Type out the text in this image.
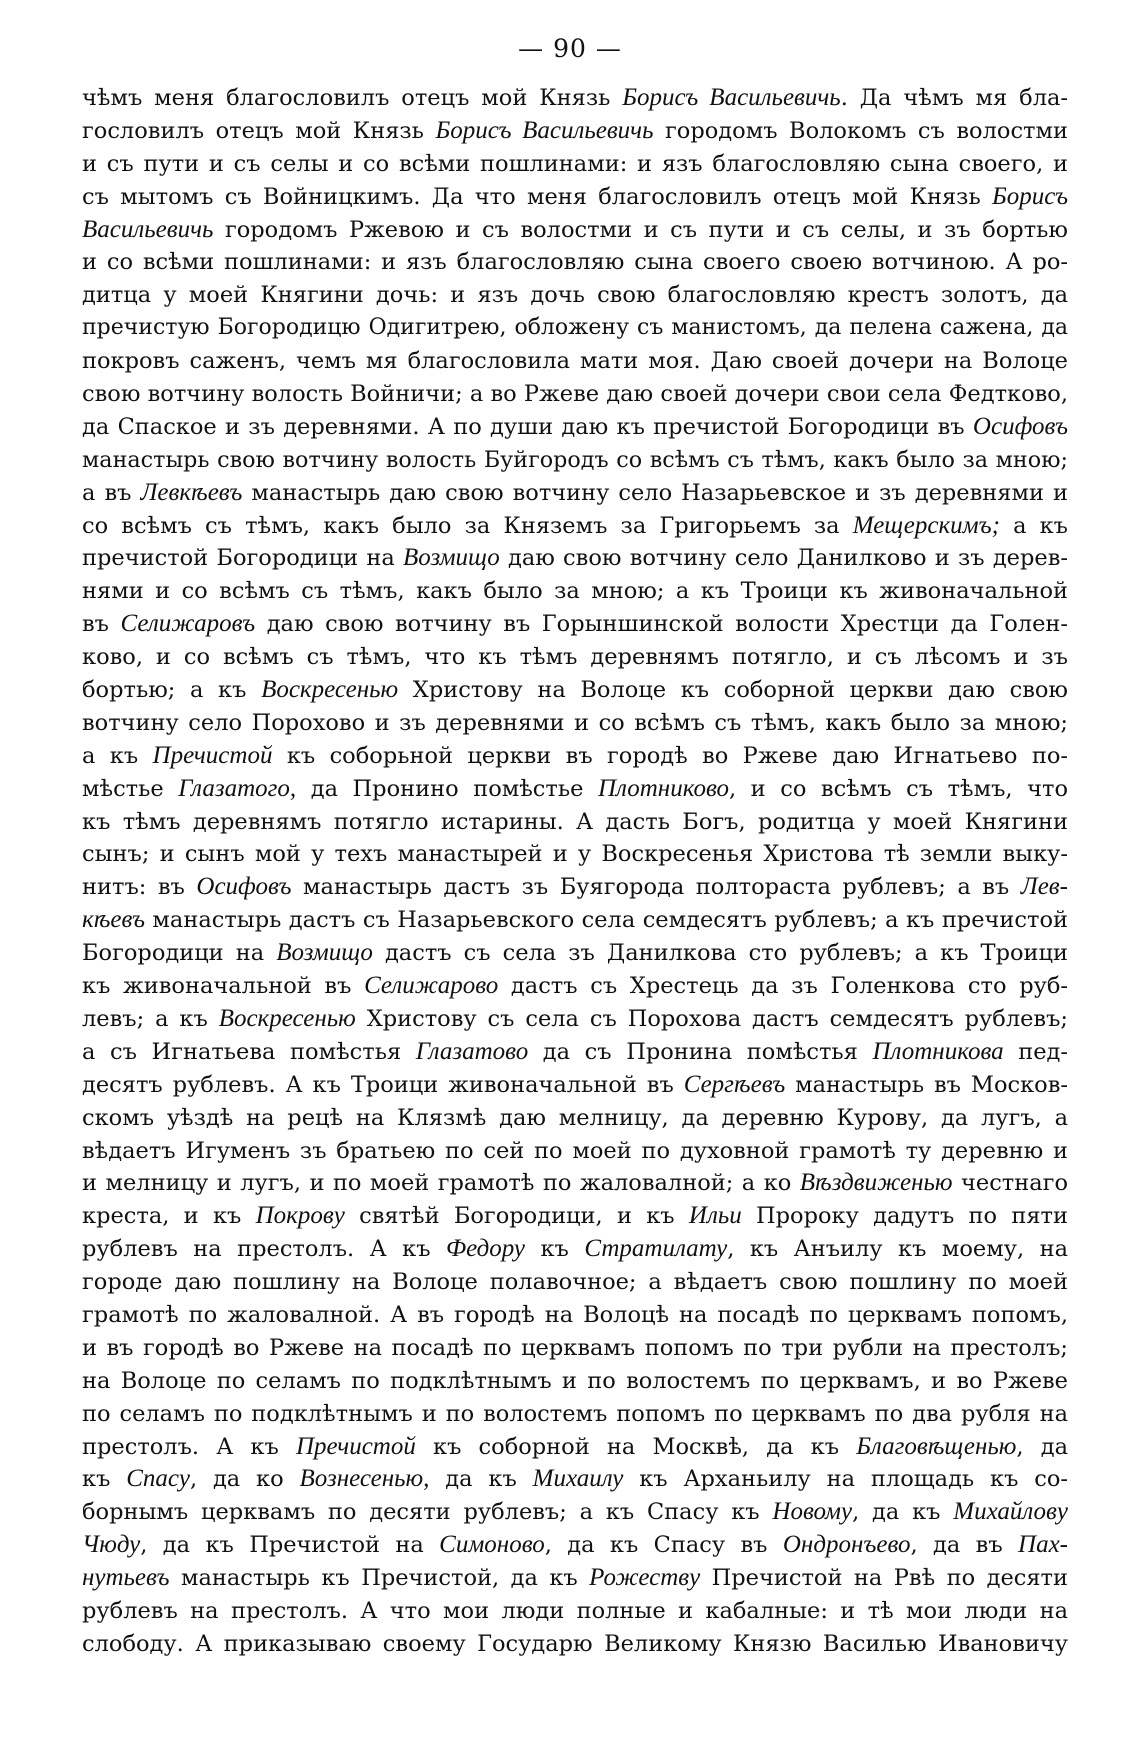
— 90 —
чѣмъ меня благословилъ отецъ мой Князь Борисъ Васильевичь. Да чѣмъ мя бла-
гословилъ отецъ мой Князь Борисъ Васильевичь городомъ Волокомъ съ волостми
и съ пути и съ селы и со всѣми пошлинами: и язъ благословляю сына своего, и
съ мытомъ съ Войницкимъ. Да что меня благословилъ отецъ мой Князь Борисъ
Васильевичь городомъ Ржевою и съ волостми и съ пути и съ селы, и зъ бортью
и со всѣми пошлинами: и язъ благословляю сына своего своею вотчиною. А ро-
дитца у моей Княгини дочь: и язъ дочь свою благословляю крестъ золотъ, да
пречистую Богородицю Одигитрею, обложену съ манистомъ, да пелена сажена, да
покровъ саженъ, чемъ мя благословила мати моя. Даю своей дочери на Волоце
свою вотчину волость Войничи; а во Ржеве даю своей дочери свои села Федтково,
да Спаское и зъ деревнями. А по души даю къ пречистой Богородици въ Осифовъ
манастырь свою вотчину волость Буйгородъ со всѣмъ съ тѣмъ, какъ было за мною;
а въ Левкѣевъ манастырь даю свою вотчину село Назарьевское и зъ деревнями и
со всѣмъ съ тѣмъ, какъ было за Княземъ за Григорьемъ за Мещерскимъ; а къ
пречистой Богородици на Возмищо даю свою вотчину село Данилково и зъ дерев-
нями и со всѣмъ съ тѣмъ, какъ было за мною; а къ Троици къ живоначальной
въ Селижаровъ даю свою вотчину въ Горыншинской волости Хрестци да Голен-
ково, и со всѣмъ съ тѣмъ, что къ тѣмъ деревнямъ потягло, и съ лѣсомъ и зъ
бортью; а къ Воскресенью Христову на Волоце къ соборной церкви даю свою
вотчину село Порохово и зъ деревнями и со всѣмъ съ тѣмъ, какъ было за мною;
а къ Пречистой къ соборьной церкви въ городѣ во Ржеве даю Игнатьево по-
мѣстье Глазатого, да Пронино помѣстье Плотниково, и со всѣмъ съ тѣмъ, что
къ тѣмъ деревнямъ потягло истарины. А дасть Богъ, родитца у моей Княгини
сынъ; и сынъ мой у техъ манастырей и у Воскресенья Христова тѣ земли выку-
нитъ: въ Осифовъ манастырь дастъ зъ Буягорода полтораста рублевъ; а въ Лев-
кѣевъ манастырь дастъ съ Назарьевского села семдесятъ рублевъ; а къ пречистой
Богородици на Возмищо дастъ съ села зъ Данилкова сто рублевъ; а къ Троици
къ живоначальной въ Селижарово дастъ съ Хрестець да зъ Голенкова сто руб-
левъ; а къ Воскресенью Христову съ села съ Порохова дастъ семдесятъ рублевъ;
а съ Игнатьева помѣстья Глазатово да съ Пронина помѣстья Плотникова пед-
десятъ рублевъ. А къ Троици живоначальной въ Сергѣевъ манастырь въ Москов-
скомъ уѣздѣ на рецѣ на Клязмѣ даю мелницу, да деревню Курову, да лугъ, а
вѣдаетъ Игуменъ зъ братьею по сей по моей по духовной грамотѣ ту деревню и
и мелницу и лугъ, и по моей грамотѣ по жаловалной; а ко Вѣздвиженью честнаго
креста, и къ Покрову святѣй Богородици, и къ Ильи Пророку дадутъ по пяти
рублевъ на престолъ. А къ Федору къ Стратилату, къ Анъилу къ моему, на
городе даю пошлину на Волоце полавочное; а вѣдаетъ свою пошлину по моей
грамотѣ по жаловалной. А въ городѣ на Волоцѣ на посадѣ по церквамъ попомъ,
и въ городѣ во Ржеве на посадѣ по церквамъ попомъ по три рубли на престолъ;
на Волоце по селамъ по подклѣтнымъ и по волостемъ по церквамъ, и во Ржеве
по селамъ по подклѣтнымъ и по волостемъ попомъ по церквамъ по два рубля на
престолъ. А къ Пречистой къ соборной на Москвѣ, да къ Благовѣщенью, да
къ Спасу, да ко Вознесенью, да къ Михаилу къ Арханьилу на площадь къ со-
борнымъ церквамъ по десяти рублевъ; а къ Спасу къ Новому, да къ Михайлову
Чюду, да къ Пречистой на Симоново, да къ Спасу въ Ондронъево, да въ Пах-
нутьевъ манастырь къ Пречистой, да къ Рожеству Пречистой на Рвѣ по десяти
рублевъ на престолъ. А что мои люди полные и кабалные: и тѣ мои люди на
слободу. А приказываю своему Государю Великому Князю Василью Ивановичу
